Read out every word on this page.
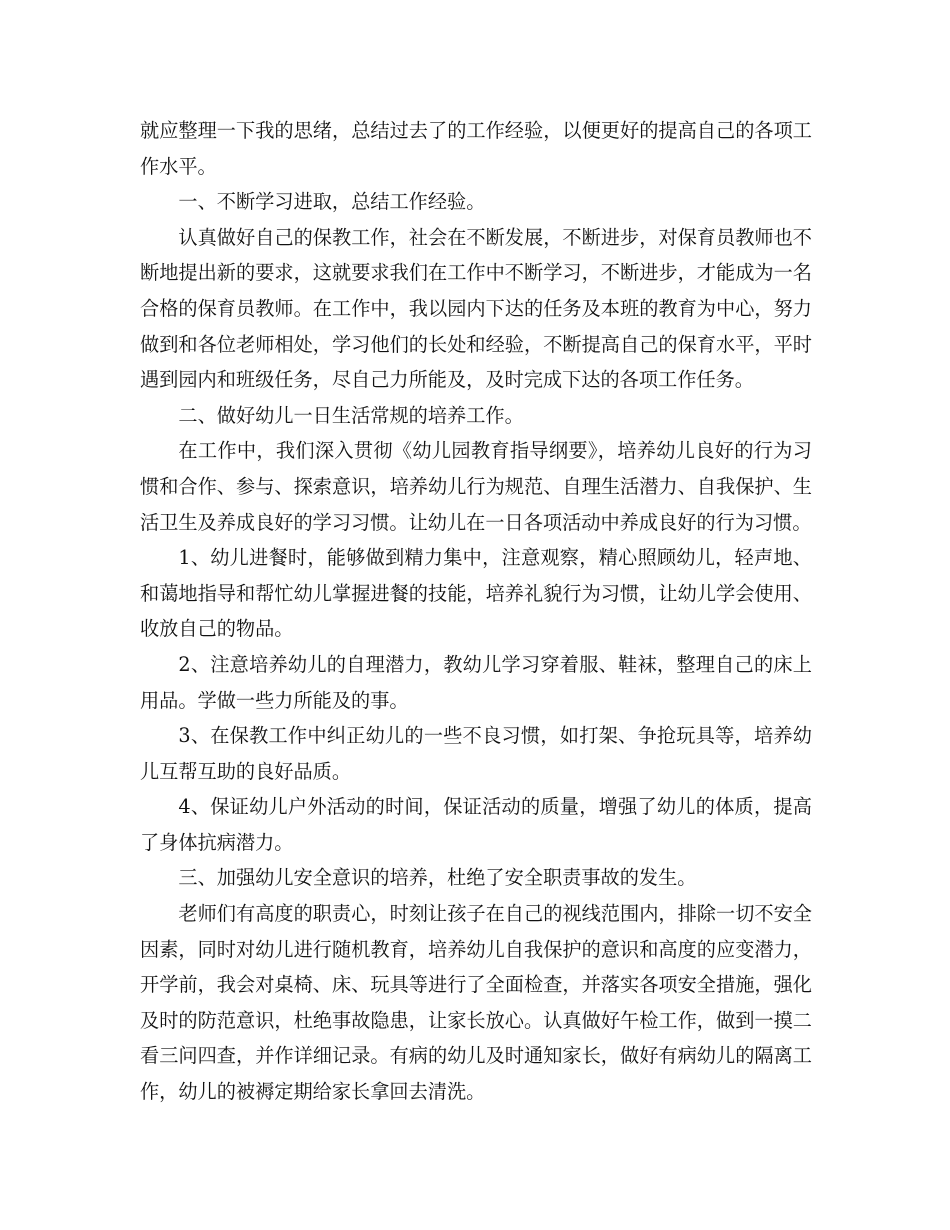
就应整理一下我的思绪，总结过去了的工作经验，以便更好的提高自己的各项工作水平。

一、不断学习进取，总结工作经验。

认真做好自己的保教工作，社会在不断发展，不断进步，对保育员教师也不断地提出新的要求，这就要求我们在工作中不断学习，不断进步，才能成为一名合格的保育员教师。在工作中，我以园内下达的任务及本班的教育为中心，努力做到和各位老师相处，学习他们的长处和经验，不断提高自己的保育水平，平时遇到园内和班级任务，尽自己力所能及，及时完成下达的各项工作任务。

二、做好幼儿一日生活常规的培养工作。

在工作中，我们深入贯彻《幼儿园教育指导纲要》，培养幼儿良好的行为习惯和合作、参与、探索意识，培养幼儿行为规范、自理生活潜力、自我保护、生活卫生及养成良好的学习习惯。让幼儿在一日各项活动中养成良好的行为习惯。

1、幼儿进餐时，能够做到精力集中，注意观察，精心照顾幼儿，轻声地、和蔼地指导和帮忙幼儿掌握进餐的技能，培养礼貌行为习惯，让幼儿学会使用、收放自己的物品。

2、注意培养幼儿的自理潜力，教幼儿学习穿着服、鞋袜，整理自己的床上用品。学做一些力所能及的事。

3、在保教工作中纠正幼儿的一些不良习惯，如打架、争抢玩具等，培养幼儿互帮互助的良好品质。

4、保证幼儿户外活动的时间，保证活动的质量，增强了幼儿的体质，提高了身体抗病潜力。

三、加强幼儿安全意识的培养，杜绝了安全职责事故的发生。

老师们有高度的职责心，时刻让孩子在自己的视线范围内，排除一切不安全因素，同时对幼儿进行随机教育，培养幼儿自我保护的意识和高度的应变潜力，开学前，我会对桌椅、床、玩具等进行了全面检查，并落实各项安全措施，强化及时的防范意识，杜绝事故隐患，让家长放心。认真做好午检工作，做到一摸二看三问四查，并作详细记录。有病的幼儿及时通知家长，做好有病幼儿的隔离工作，幼儿的被褥定期给家长拿回去清洗。
